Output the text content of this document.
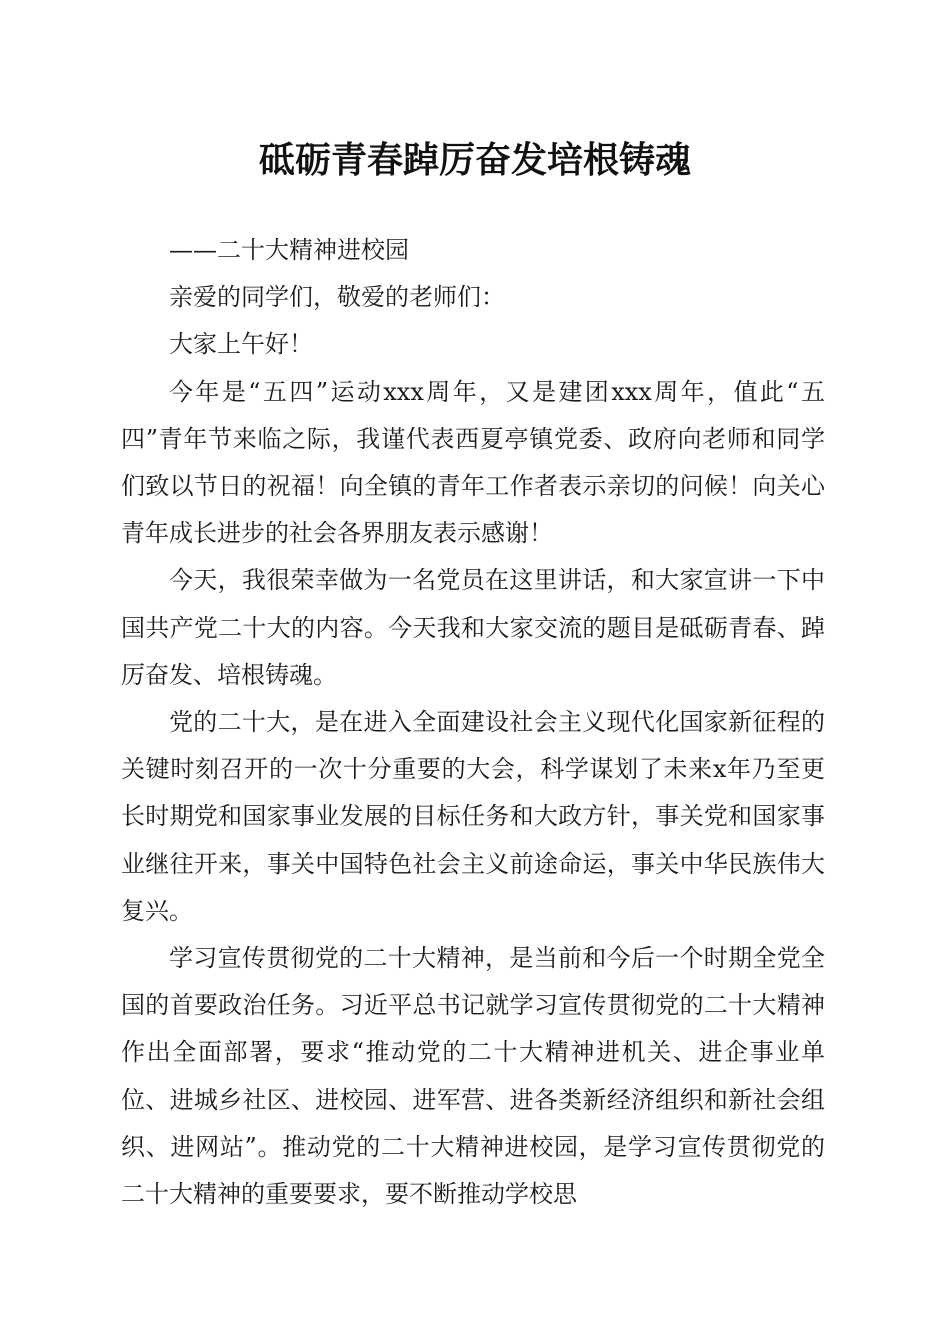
砥砺青春踔厉奋发培根铸魂

——二十大精神进校园

亲爱的同学们，敬爱的老师们：

大家上午好！

今年是“五四”运动xxx周年，又是建团xxx周年，值此“五四”青年节来临之际，我谨代表西夏亭镇党委、政府向老师和同学们致以节日的祝福！向全镇的青年工作者表示亲切的问候！向关心青年成长进步的社会各界朋友表示感谢！

今天，我很荣幸做为一名党员在这里讲话，和大家宣讲一下中国共产党二十大的内容。今天我和大家交流的题目是砥砺青春、踔厉奋发、培根铸魂。

党的二十大，是在进入全面建设社会主义现代化国家新征程的关键时刻召开的一次十分重要的大会，科学谋划了未来x年乃至更长时期党和国家事业发展的目标任务和大政方针，事关党和国家事业继往开来，事关中国特色社会主义前途命运，事关中华民族伟大复兴。

学习宣传贯彻党的二十大精神，是当前和今后一个时期全党全国的首要政治任务。习近平总书记就学习宣传贯彻党的二十大精神作出全面部署，要求“推动党的二十大精神进机关、进企事业单位、进城乡社区、进校园、进军营、进各类新经济组织和新社会组织、进网站”。推动党的二十大精神进校园，是学习宣传贯彻党的二十大精神的重要要求，要不断推动学校思
